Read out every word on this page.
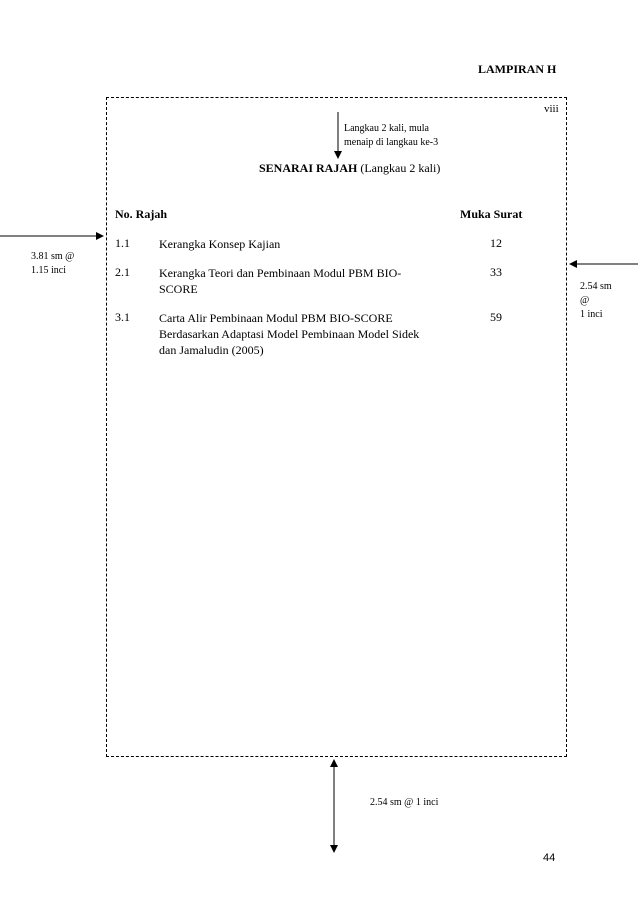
LAMPIRAN H
viii
Langkau 2 kali, mula
menaip di langkau ke-3
SENARAI RAJAH (Langkau 2 kali)
No. Rajah	Muka Surat
1.1 Kerangka Konsep Kajian	12
2.1 Kerangka Teori dan Pembinaan Modul PBM BIO-
SCORE
33
3.1 Carta Alir Pembinaan Modul PBM BIO-SCORE
Berdasarkan Adaptasi Model Pembinaan Model Sidek
dan Jamaludin (2005)
59
3.81 sm @
1.15 inci
2.54 sm
@
1 inci
2.54 sm @ 1 inci
44
